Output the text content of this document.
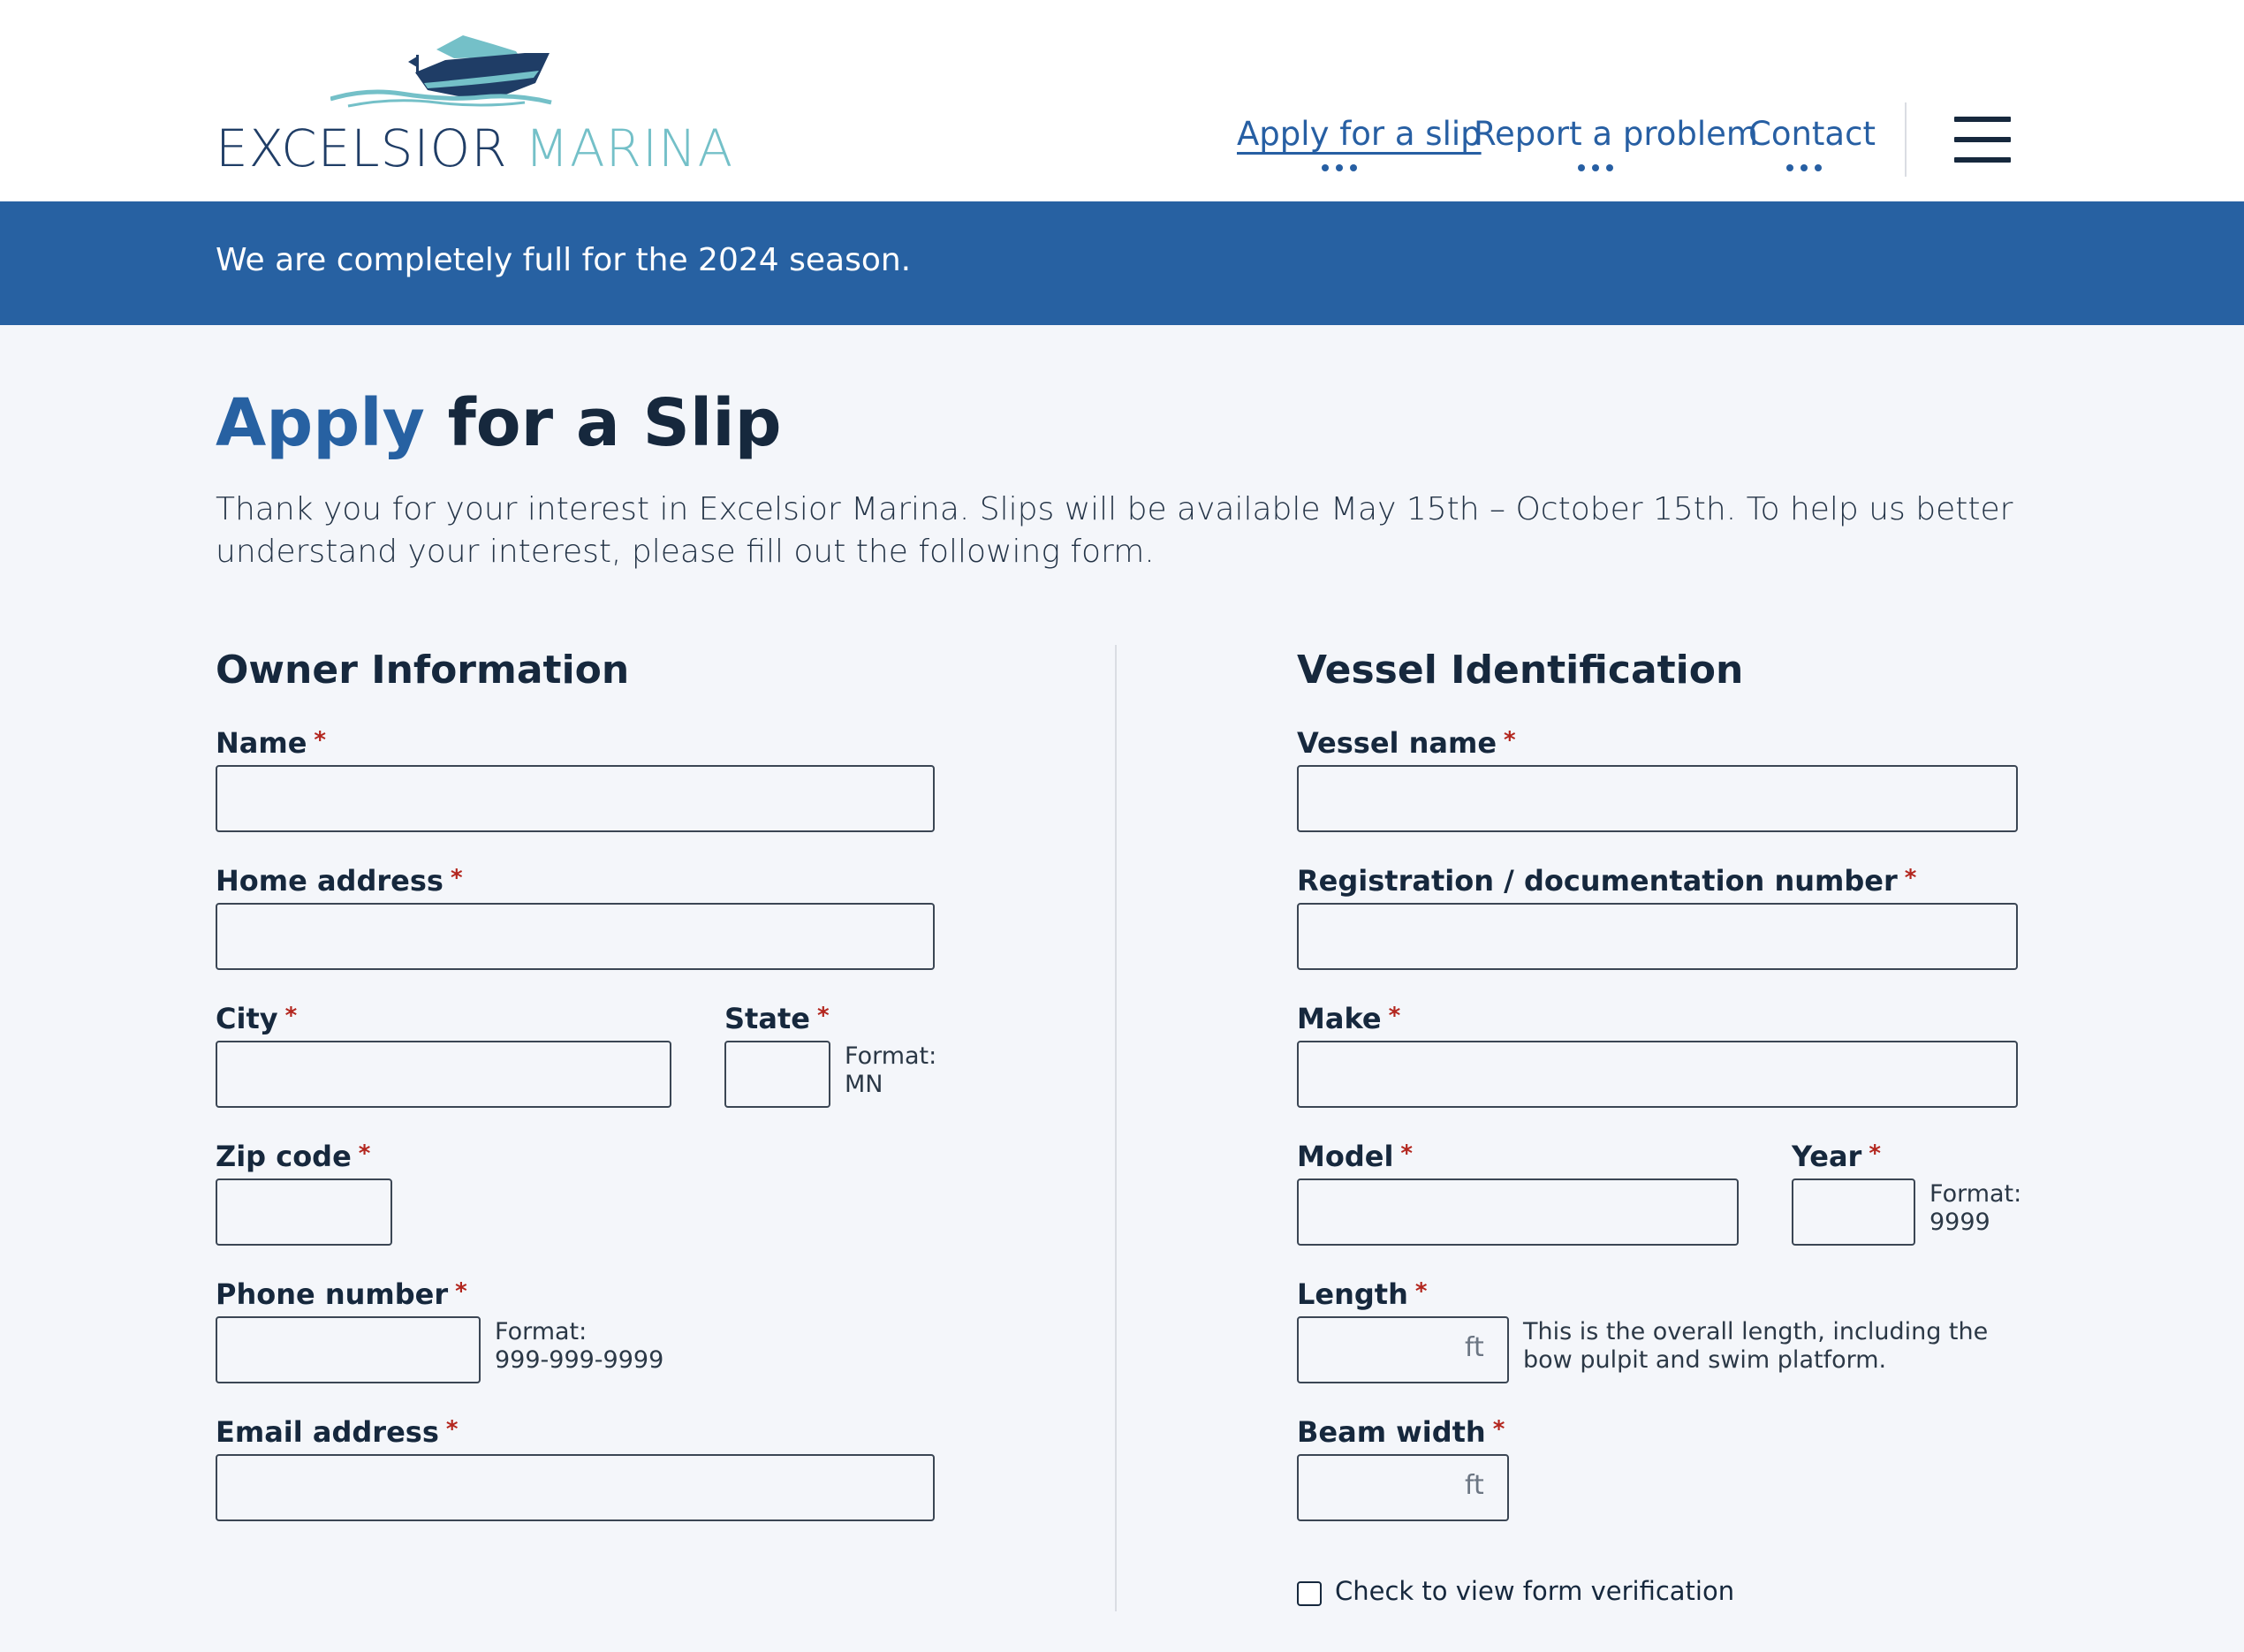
EXCELSIOR MARINA	Apply for a slip
Report a problem
Contact
We are completely full for the 2024 season.
Apply for a Slip

Thank you for your interest in Excelsior Marina. Slips will be available May 15th – October 15th. To help us better understand your interest, please fill out the following form.

Owner Information
Name *
Home address *
City *	State *
Format:
MN
Zip code *
Phone number *
Format:
999-999-9999
Email address *
Vessel Identification
Vessel name *
Registration / documentation number *
Make *
Model *	Year *
Format:
9999
Length *
ft
This is the overall length, including the bow pulpit and swim platform.
Beam width *
ft
Check to view form verification
